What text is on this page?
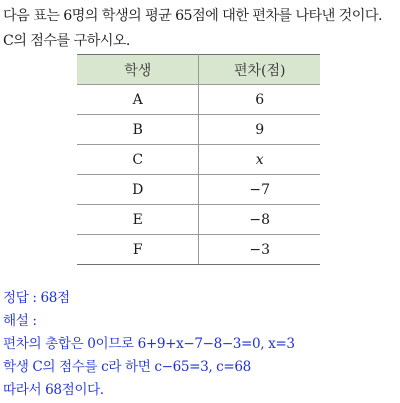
다음 표는 6명의 학생의 평균 65점에 대한 편차를 나타낸 것이다.
C의 점수를 구하시오.
학생	편차(점)
A	6
B	9
C	x
D	−7
E	−8
F	−3
정답 : 68점
해설 :
편차의 총합은 0이므로 6+9+x−7−8−3=0, x=3
학생 C의 점수를 c라 하면 c−65=3, c=68
따라서 68점이다.
